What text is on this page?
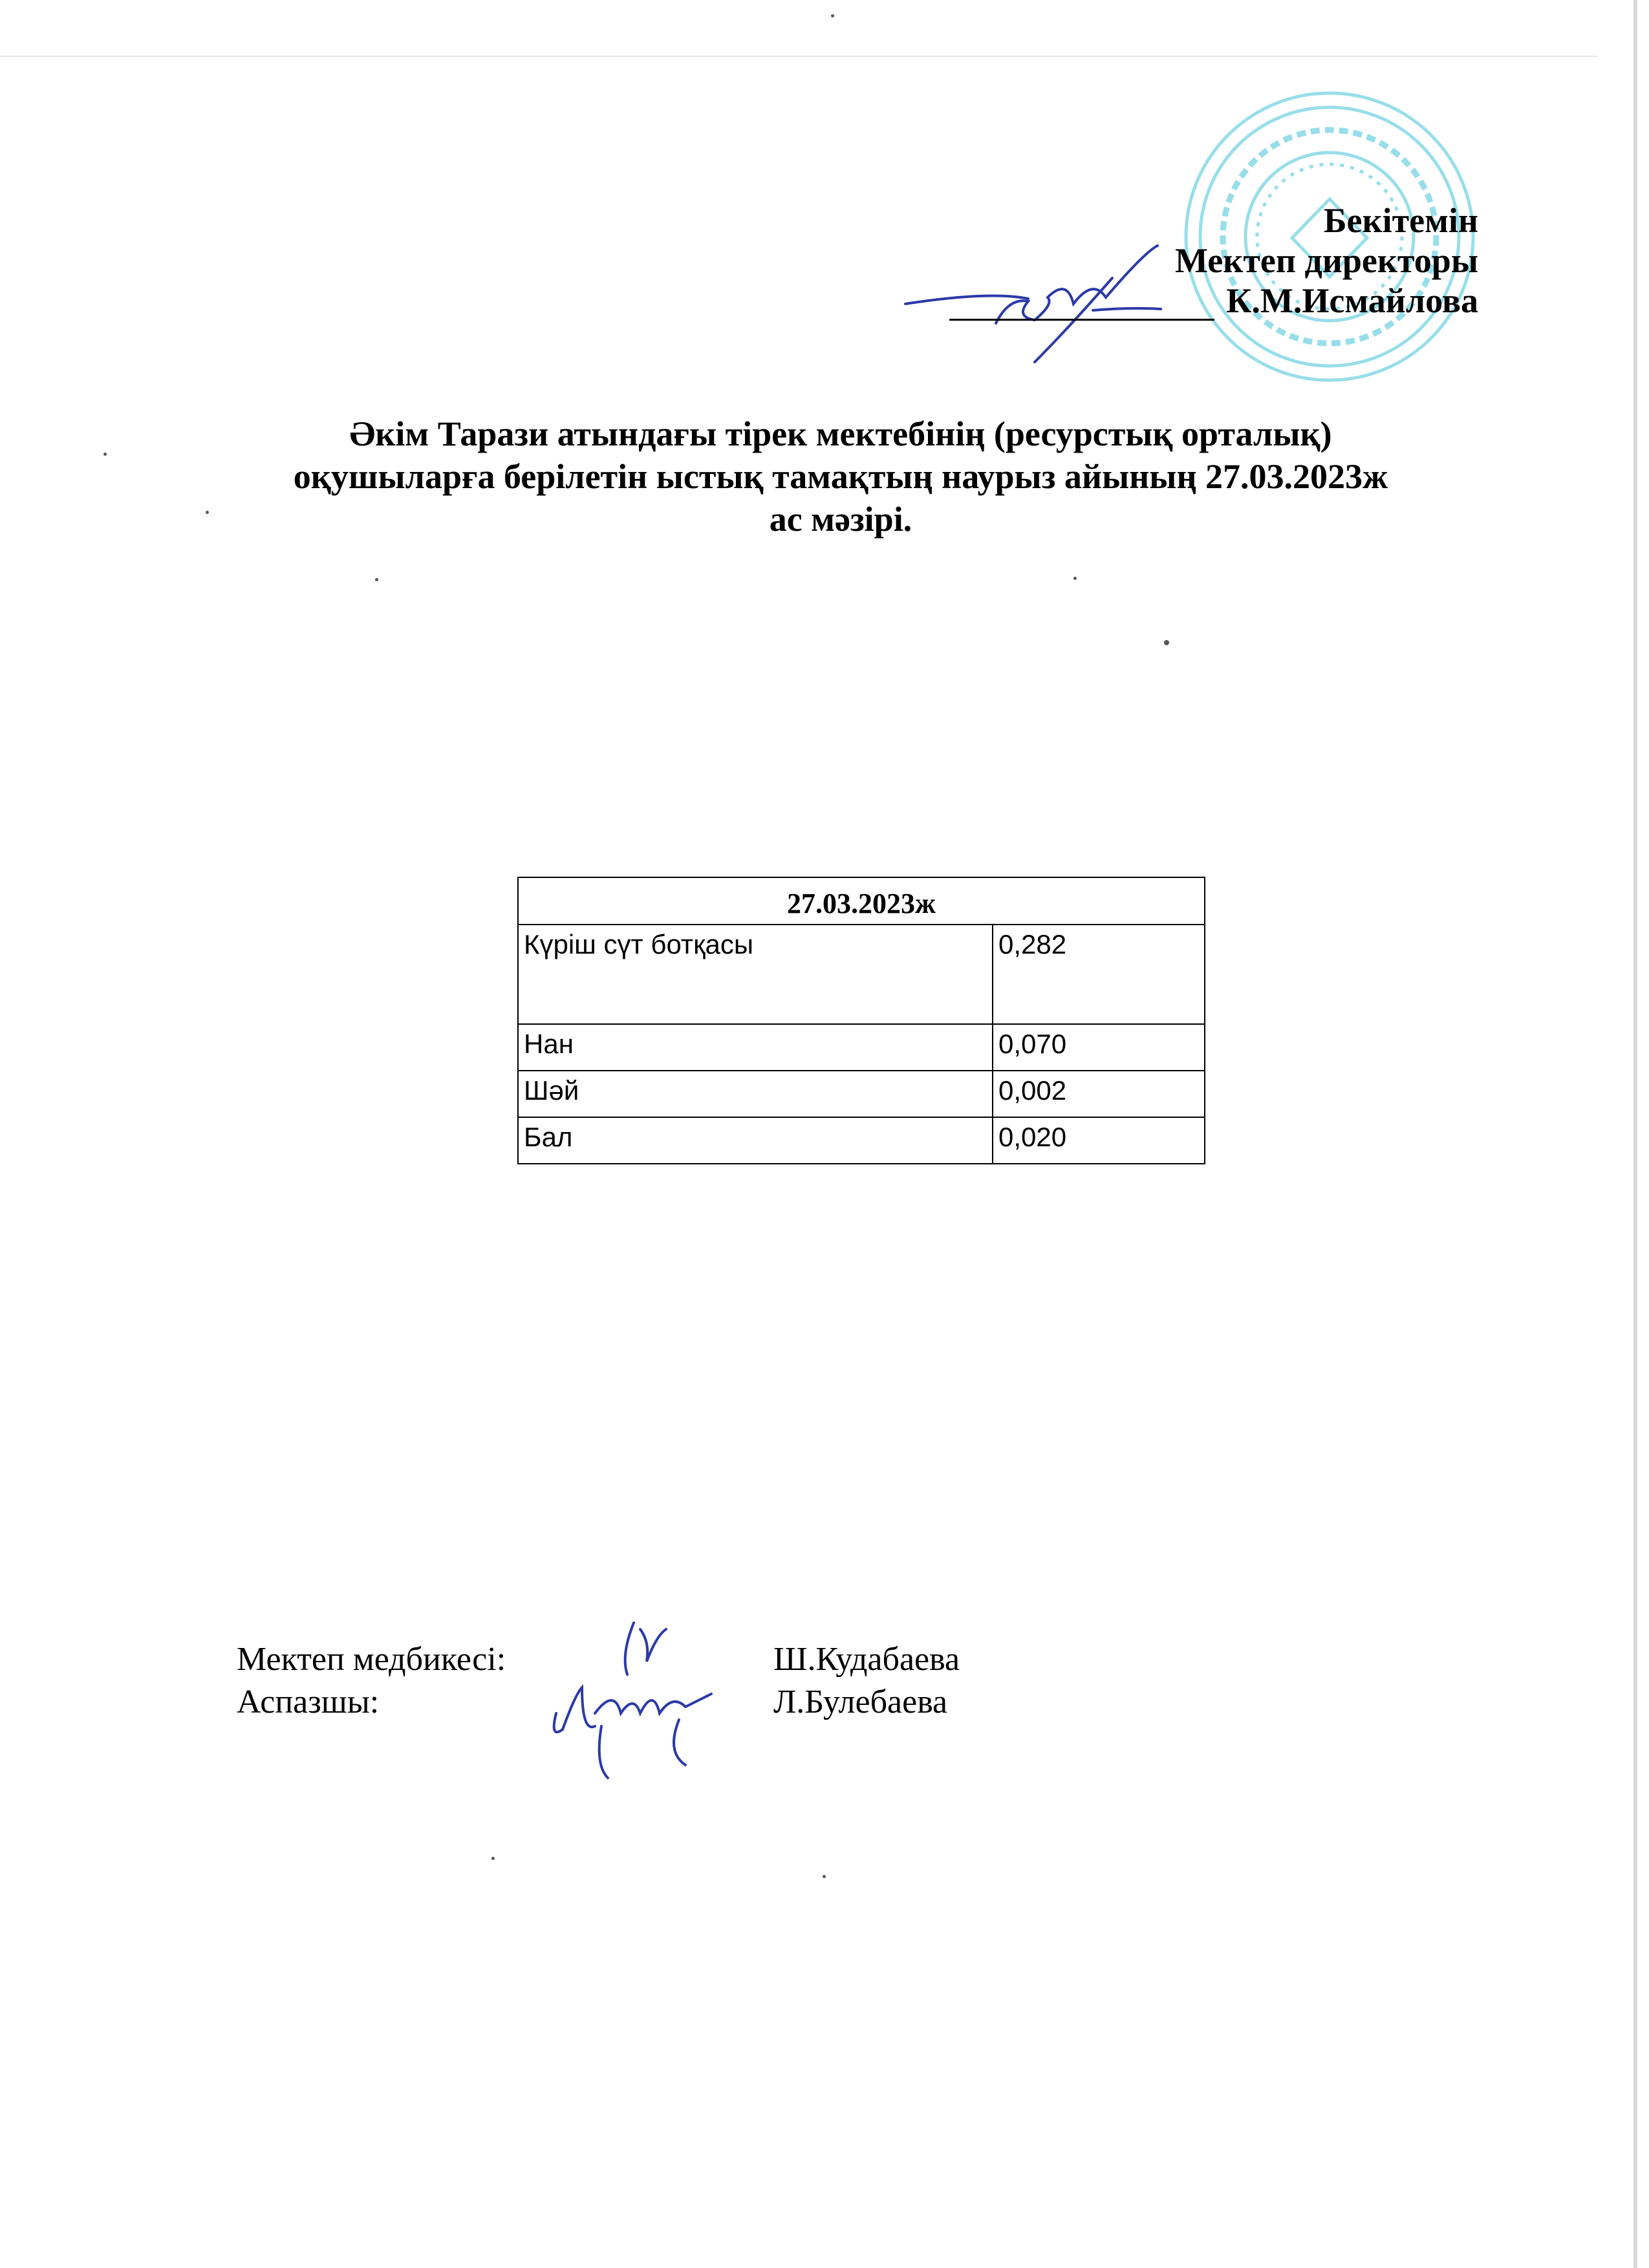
Бекітемін
Мектеп директоры
К.М.Исмайлова
Әкім Тарази атындағы тірек мектебінің (ресурстық орталық)
оқушыларға берілетін ыстық тамақтың наурыз айының 27.03.2023ж
ас мәзірі.
27.03.2023ж	
Күріш сүт ботқасы	0,282
Нан	0,070
Шәй	0,002
Бал	0,020
Мектеп медбикесі:	Ш.Кудабаева
Аспазшы:	Л.Булебаева
